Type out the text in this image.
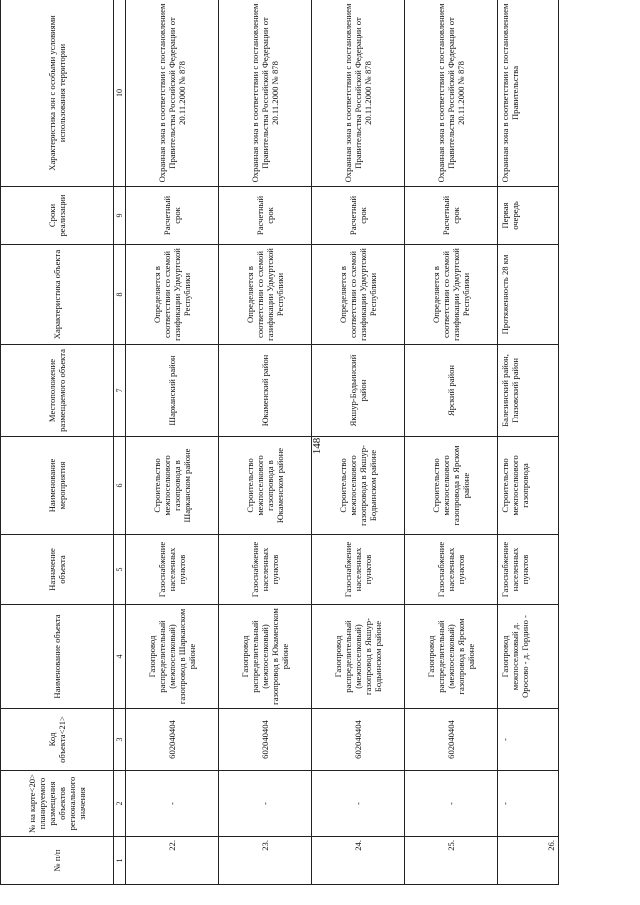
148
№ п/п	№ на карте<20> планируемого размещения объектов регионального значения	Код объекта<21>	Наименование объекта	Назначение объекта	Наименование мероприятия	Местоположение размещаемого объекта	Характеристика объекта	Сроки реализации	Характеристика зон с особыми условиями использования территории
1	2	3	4	5	6	7	8	9	10
22.	-	602040404	Газопровод распределительный (межпоселковый) газопровод в Шарканском районе	Газоснабжение населенных пунктов	Строительство межпоселкового газопровода в Шарканском районе	Шарканский район	Определяется в соответствии со схемой газификации Удмуртской Республики	Расчетный срок	Охранная зона в соответствии с постановлением Правительства Российской Федерации от 20.11.2000 № 878
23.	-	602040404	Газопровод распределительный (межпоселковый) газопровод в Юкаменском районе	Газоснабжение населенных пунктов	Строительство межпоселкового газопровода в Юкаменском районе	Юкаменский район	Определяется в соответствии со схемой газификации Удмуртской Республики	Расчетный срок	Охранная зона в соответствии с постановлением Правительства Российской Федерации от 20.11.2000 № 878
24.	-	602040404	Газопровод распределительный (межпоселковый) газопровод в Якшур-Бодьинском районе	Газоснабжение населенных пунктов	Строительство межпоселкового газопровода в Якшур-Бодьинском районе	Якшур-Бодьинский район	Определяется в соответствии со схемой газификации Удмуртской Республики	Расчетный срок	Охранная зона в соответствии с постановлением Правительства Российской Федерации от 20.11.2000 № 878
25.	-	602040404	Газопровод распределительный (межпоселковый) газопровод в Ярском районе	Газоснабжение населенных пунктов	Строительство межпоселкового газопровода в Ярском районе	Ярский район	Определяется в соответствии со схемой газификации Удмуртской Республики	Расчетный срок	Охранная зона в соответствии с постановлением Правительства Российской Федерации от 20.11.2000 № 878
26.	-	-	Газопровод межпоселковый д. Оросово - д. Гордино -	Газоснабжение населенных пунктов	Строительство межпоселкового газопровода	Балезинский район, Глазовский район	Протяженность 28 км	Первая очередь	Охранная зона в соответствии с постановлением Правительства
